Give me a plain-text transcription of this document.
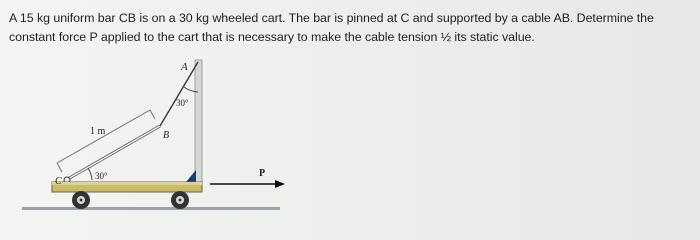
A 15 kg uniform bar CB is on a 30 kg wheeled cart. The bar is pinned at C and supported by a cable AB. Determine the
constant force P applied to the cart that is necessary to make the cable tension ½ its static value.
A
B
C
P
1 m
30°
30°
